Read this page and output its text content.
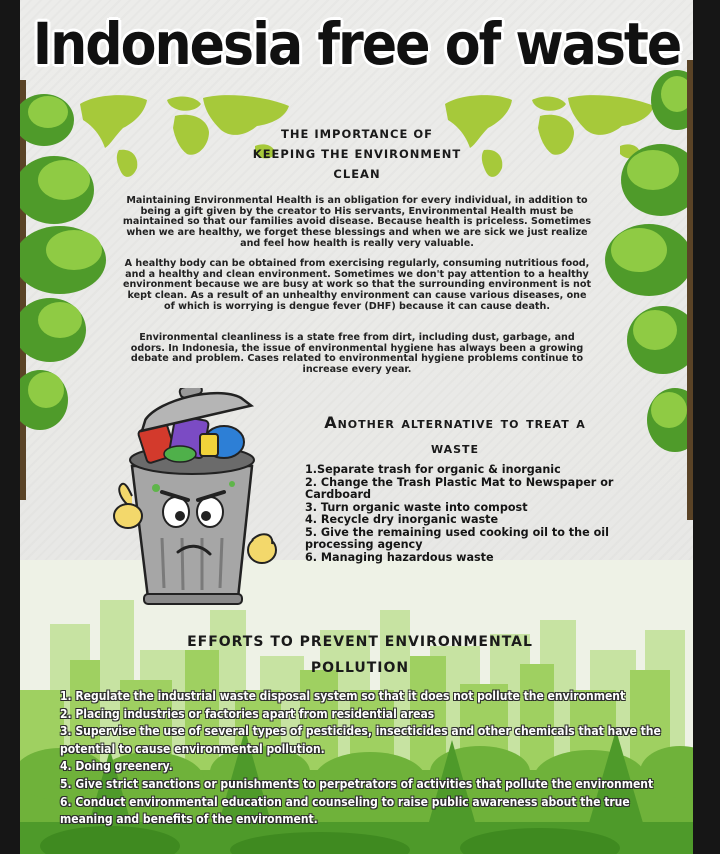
Indonesia free of waste
THE IMPORTANCE OF KEEPING THE ENVIRONMENT CLEAN

Maintaining Environmental Health is an obligation for every individual, in addition to being a gift given by the creator to His servants, Environmental Health must be maintained so that our families avoid disease. Because health is priceless. Sometimes when we are healthy, we forget these blessings and when we are sick we just realize and feel how health is really very valuable.

A healthy body can be obtained from exercising regularly, consuming nutritious food, and a healthy and clean environment. Sometimes we don't pay attention to a healthy environment because we are busy at work so that the surrounding environment is not kept clean. As a result of an unhealthy environment can cause various diseases, one of which is worrying is dengue fever (DHF) because it can cause death.

Environmental cleanliness is a state free from dirt, including dust, garbage, and odors. In Indonesia, the issue of environmental hygiene has always been a growing debate and problem. Cases related to environmental hygiene problems continue to increase every year.

Another alternative to treat a waste
1.Separate trash for organic & inorganic
2. Change the Trash Plastic Mat to Newspaper or Cardboard
3. Turn organic waste into compost
4. Recycle dry inorganic waste
5. Give the remaining used cooking oil to the oil processing agency
6. Managing hazardous waste
EFFORTS TO PREVENT ENVIRONMENTAL POLLUTION
1. Regulate the industrial waste disposal system so that it does not pollute the environment
2. Placing industries or factories apart from residential areas
3. Supervise the use of several types of pesticides, insecticides and other chemicals that have the potential to cause environmental pollution.
4. Doing greenery.
5. Give strict sanctions or punishments to perpetrators of activities that pollute the environment
6. Conduct environmental education and counseling to raise public awareness about the true meaning and benefits of the environment.
